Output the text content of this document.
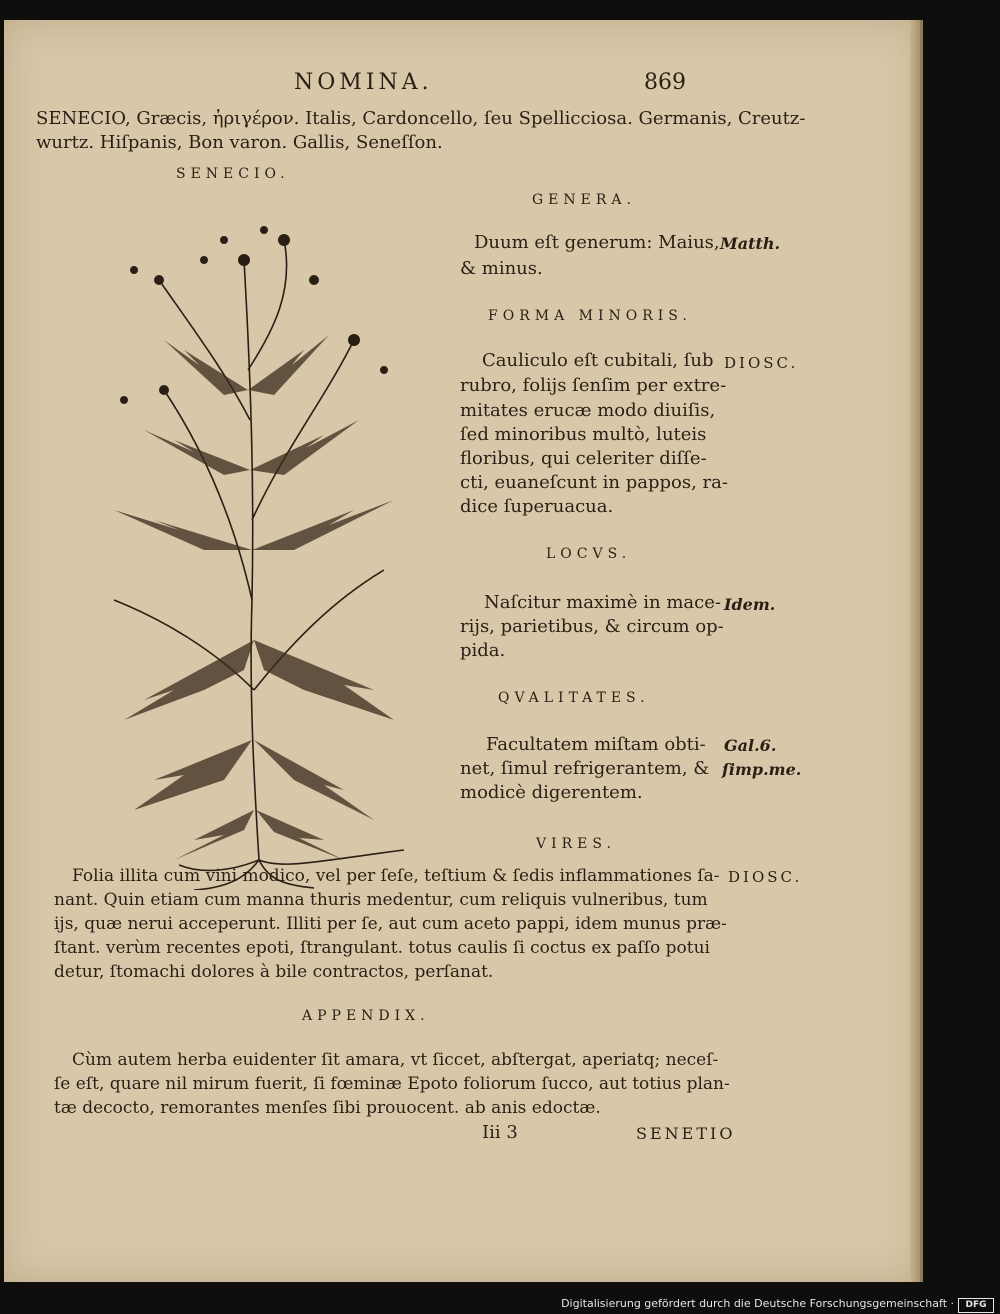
NOMINA.	869
SENECIO, Græcis, ἠριγέρον. Italis, Cardoncello, ſeu Spellicciosa. Germanis, Creutz-
wurtz. Hiſpanis, Bon varon. Gallis, Seneſſon.
SENECIO.
GENERA.
Duum eſt generum: Maius, Matth.
& minus.
FORMA MINORIS.
Cauliculo eſt cubitali, ſub DIOSC.
rubro, folijs ſenſim per extre-
mitates erucæ modo diuiſis,
ſed minoribus multò, luteis
floribus, qui celeriter diſſe-
cti, euaneſcunt in pappos, ra-
dice ſuperuacua.
LOCVS.
Naſcitur maximè in mace- Idem.
rijs, parietibus, & circum op-
pida.
QVALITATES.
Facultatem miſtam obti- Gal.6.
net, ſimul refrigerantem, & ſimp.me.
modicè digerentem.
VIRES.
Folia illita cum vini modico, vel per ſeſe, teſtium & ſedis inflammationes ſa- DIOSC.
nant. Quin etiam cum manna thuris medentur, cum reliquis vulneribus, tum
ijs, quæ nerui acceperunt. Illiti per ſe, aut cum aceto pappi, idem munus præ-
ſtant. verùm recentes epoti, ſtrangulant. totus caulis ſi coctus ex paſſo potui
detur, ſtomachi dolores à bile contractos, perſanat.
APPENDIX.
Cùm autem herba euidenter ſit amara, vt ſiccet, abſtergat, aperiatq; neceſ-
ſe eſt, quare nil mirum fuerit, ſi fœminæ Epoto foliorum ſucco, aut totius plan-
tæ decocto, remorantes menſes ſibi prouocent. ab anis edoctæ.
Iii 3	SENETIO
Digitalisierung gefördert durch die Deutsche Forschungsgemeinschaft ·	DFG
